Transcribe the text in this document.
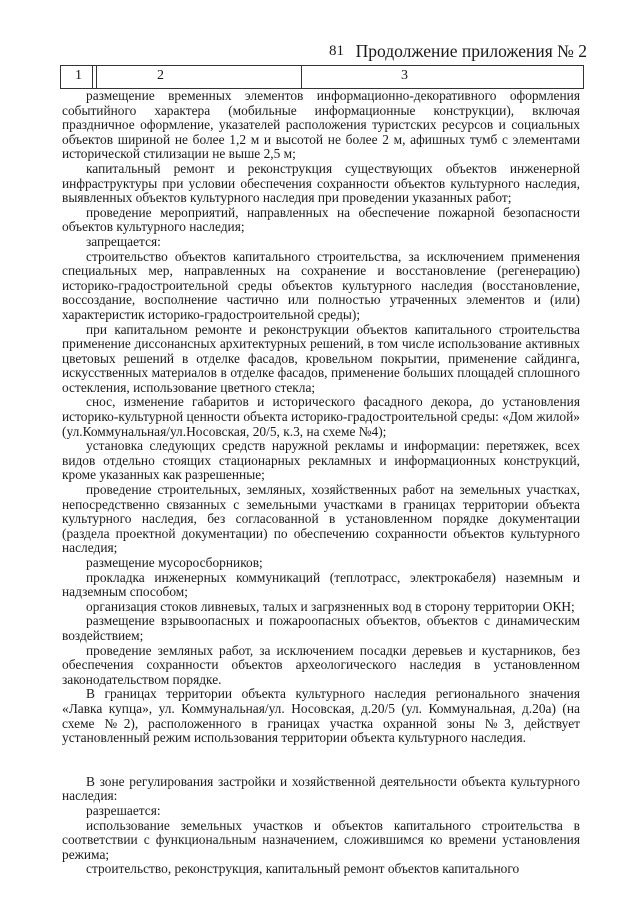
81 Продолжение приложения № 2
1	2	3

размещение временных элементов информационно-декоративного оформления событийного характера (мобильные информационные конструкции), включая праздничное оформление, указателей расположения туристских ресурсов и социальных объектов шириной не более 1,2 м и высотой не более 2 м, афишных тумб с элементами исторической стилизации не выше 2,5 м;

капитальный ремонт и реконструкция существующих объектов инженерной инфраструктуры при условии обеспечения сохранности объектов культурного наследия, выявленных объектов культурного наследия при проведении указанных работ;

проведение мероприятий, направленных на обеспечение пожарной безопасности объектов культурного наследия;

запрещается:

строительство объектов капитального строительства, за исключением применения специальных мер, направленных на сохранение и восстановление (регенерацию) историко-градостроительной среды объектов культурного наследия (восстановление, воссоздание, восполнение частично или полностью утраченных элементов и (или) характеристик историко-градостроительной среды);

при капитальном ремонте и реконструкции объектов капитального строительства применение диссонансных архитектурных решений, в том числе использование активных цветовых решений в отделке фасадов, кровельном покрытии, применение сайдинга, искусственных материалов в отделке фасадов, применение больших площадей сплошного остекления, использование цветного стекла;

снос, изменение габаритов и исторического фасадного декора, до установления историко-культурной ценности объекта историко-градостроительной среды: «Дом жилой» (ул.Коммунальная/ул.Носовская, 20/5, к.3, на схеме №4);

установка следующих средств наружной рекламы и информации: перетяжек, всех видов отдельно стоящих стационарных рекламных и информационных конструкций, кроме указанных как разрешенные;

проведение строительных, земляных, хозяйственных работ на земельных участках, непосредственно связанных с земельными участками в границах территории объекта культурного наследия, без согласованной в установленном порядке документации (раздела проектной документации) по обеспечению сохранности объектов культурного наследия;

размещение мусоросборников;

прокладка инженерных коммуникаций (теплотрасс, электрокабеля) наземным и надземным способом;

организация стоков ливневых, талых и загрязненных вод в сторону территории ОКН;

размещение взрывоопасных и пожароопасных объектов, объектов с динамическим воздействием;

проведение земляных работ, за исключением посадки деревьев и кустарников, без обеспечения сохранности объектов археологического наследия в установленном законодательством порядке.

В границах территории объекта культурного наследия регионального значения «Лавка купца», ул. Коммунальная/ул. Носовская, д.20/5 (ул. Коммунальная, д.20а) (на схеме №2), расположенного в границах участка охранной зоны №3, действует установленный режим использования территории объекта культурного наследия.

В зоне регулирования застройки и хозяйственной деятельности объекта культурного наследия:

разрешается:

использование земельных участков и объектов капитального строительства в соответствии с функциональным назначением, сложившимся ко времени установления режима;

строительство, реконструкция, капитальный ремонт объектов капитального
